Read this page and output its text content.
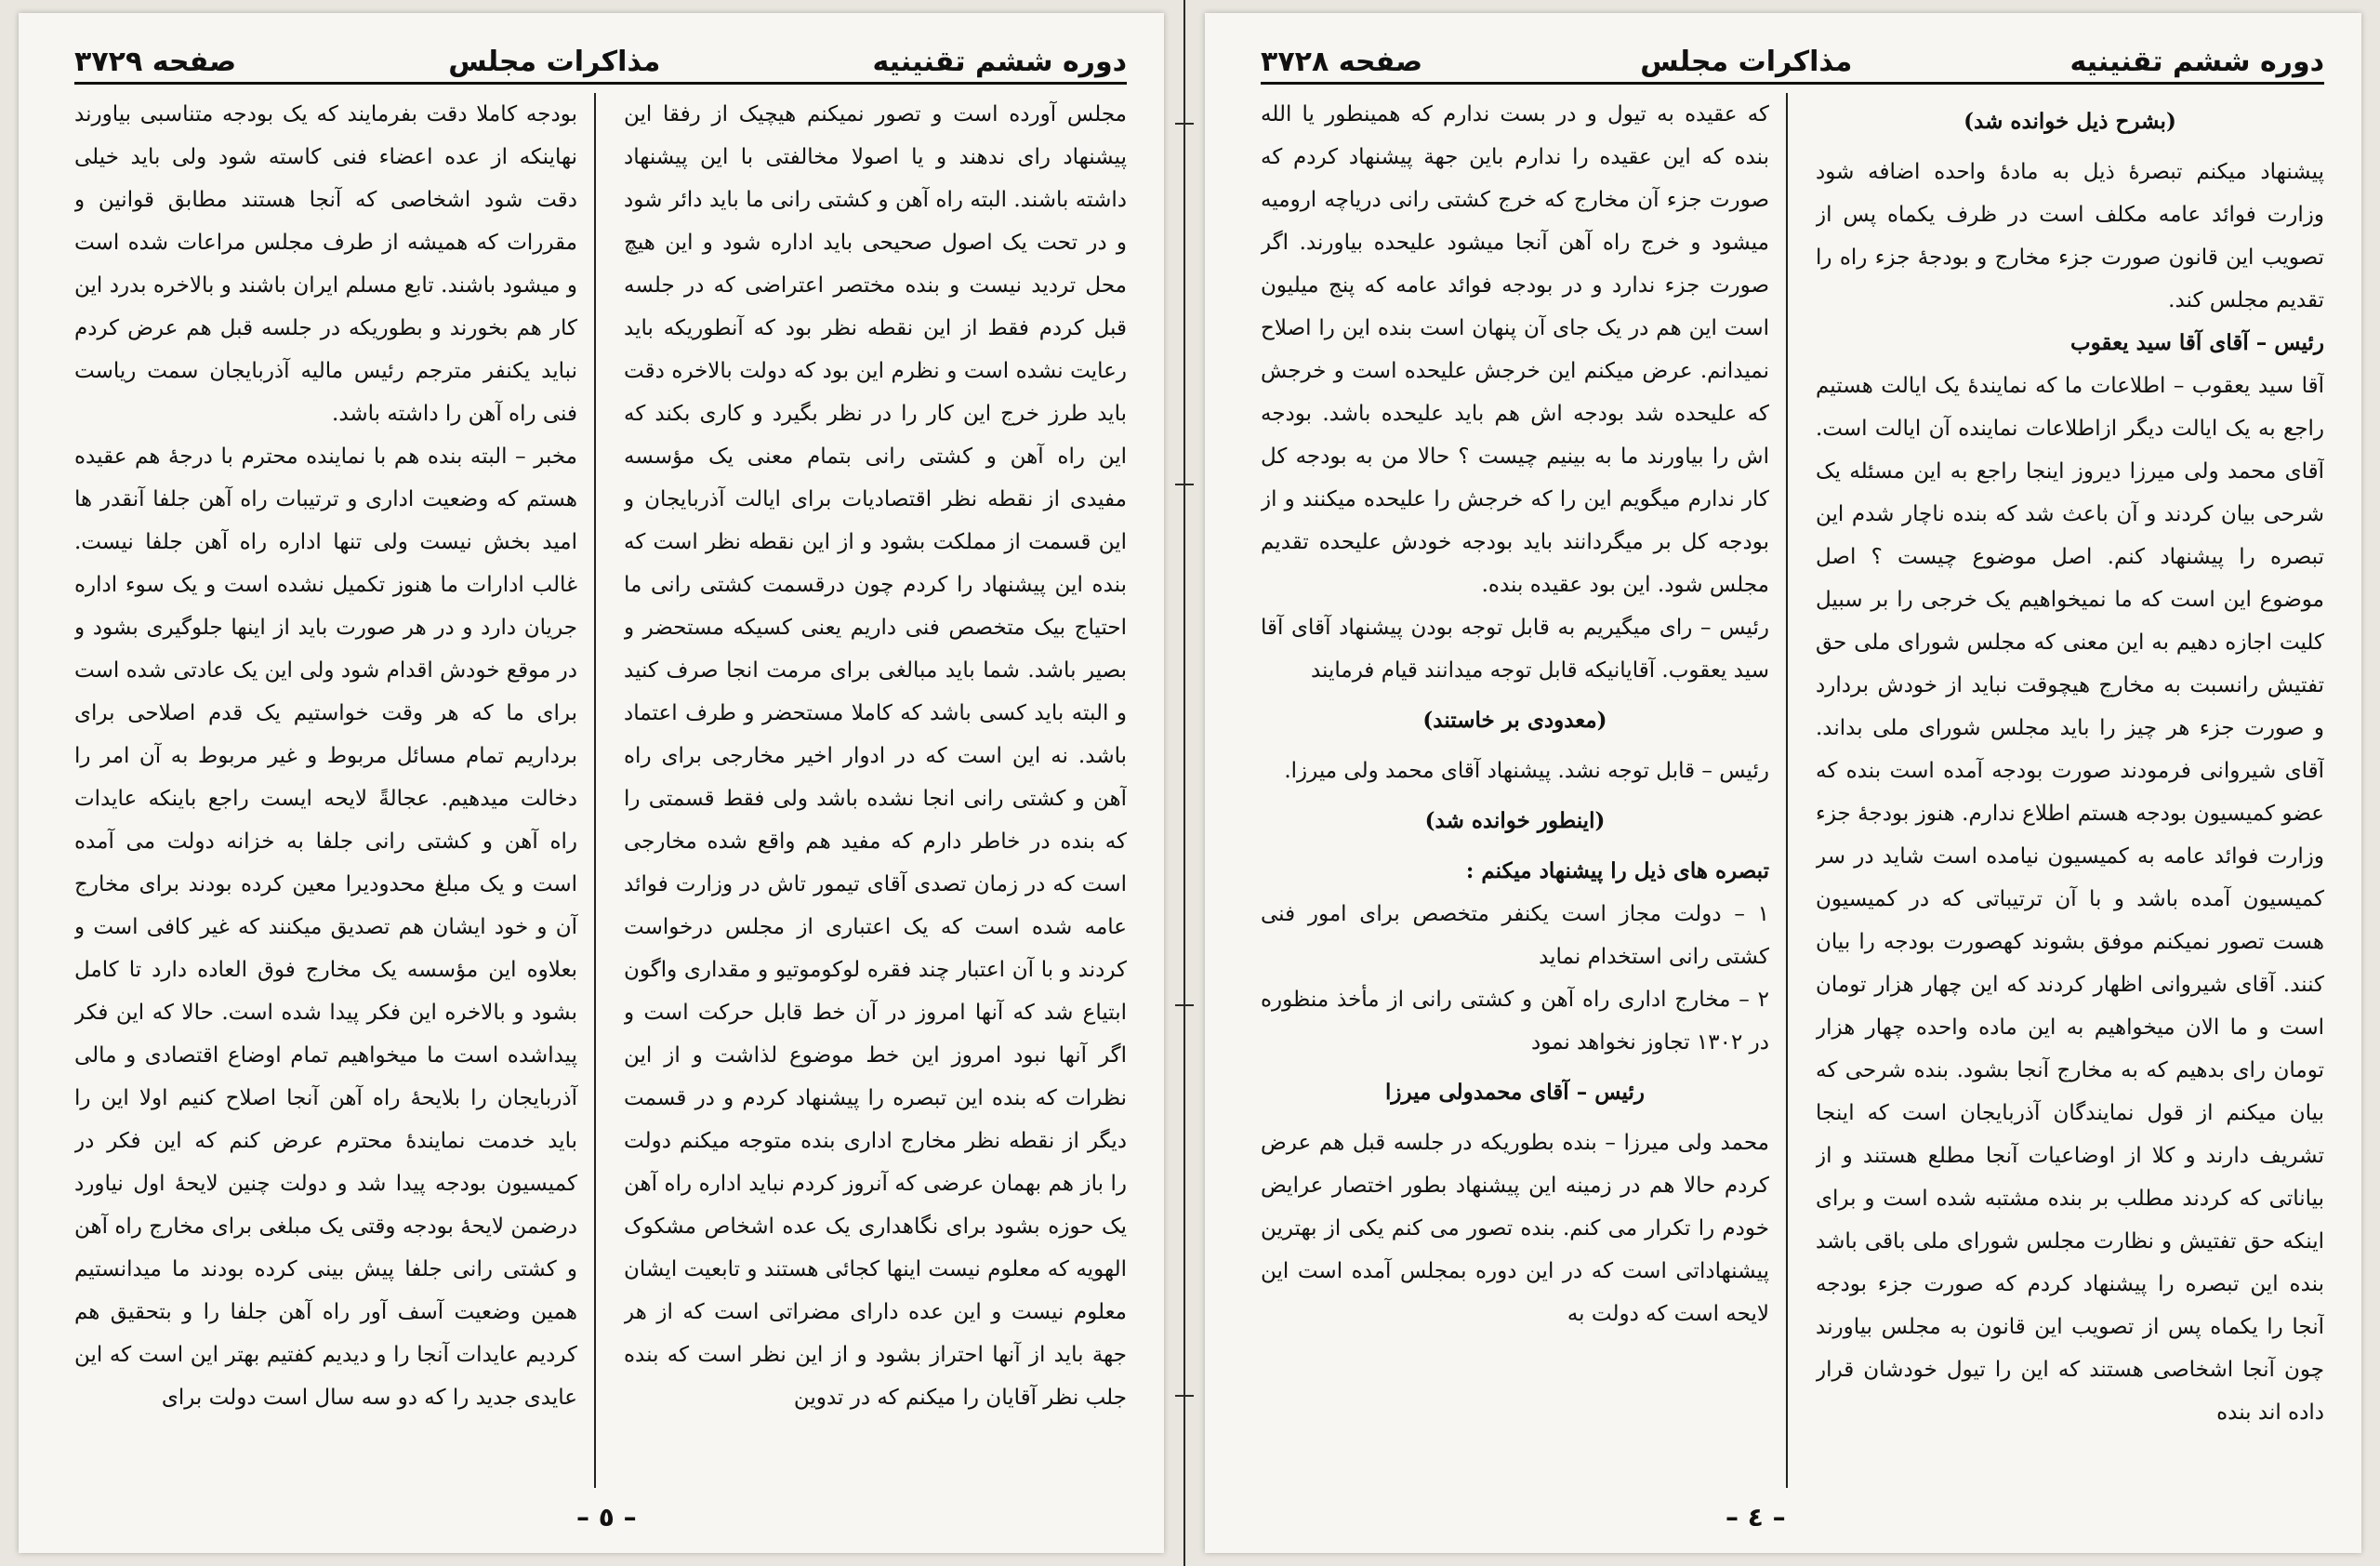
دوره ششم تقنینیه
مذاکرات مجلس
صفحه ۳۷۲۹

مجلس آورده است و تصور نمیکنم هیچیک از رفقا این پیشنهاد رای ندهند و یا اصولا مخالفتی با این پیشنهاد داشته باشند. البته راه آهن و کشتی رانی ما باید دائر شود و در تحت یک اصول صحیحی باید اداره شود و این هیچ محل تردید نیست و بنده مختصر اعتراضی که در جلسه قبل کردم فقط از این نقطه نظر بود که آنطوریکه باید رعایت نشده است و نظرم این بود که دولت بالاخره دقت باید طرز خرج این کار را در نظر بگیرد و کاری بکند که این راه آهن و کشتی رانی بتمام معنی یک مؤسسه مفیدی از نقطه نظر اقتصادیات برای ایالت آذربایجان و این قسمت از مملکت بشود و از این نقطه نظر است که بنده این پیشنهاد را کردم چون درقسمت کشتی رانی ما احتیاج بیک متخصص فنی داریم یعنی کسیکه مستحضر و بصیر باشد. شما باید مبالغی برای مرمت انجا صرف کنید و البته باید کسی باشد که کاملا مستحضر و طرف اعتماد باشد. نه این است که در ادوار اخیر مخارجی برای راه آهن و کشتی رانی انجا نشده باشد ولی فقط قسمتی را که بنده در خاطر دارم که مفید هم واقع شده مخارجی است که در زمان تصدی آقای تیمور تاش در وزارت فوائد عامه شده است که یک اعتباری از مجلس درخواست کردند و با آن اعتبار چند فقره لوکوموتیو و مقداری واگون ابتیاع شد که آنها امروز در آن خط قابل حرکت است و اگر آنها نبود امروز این خط موضوع لذاشت و از این نظرات که بنده این تبصره را پیشنهاد کردم و در قسمت دیگر از نقطه نظر مخارج اداری بنده متوجه میکنم دولت را باز هم بهمان عرضی که آنروز کردم نباید اداره راه آهن یک حوزه بشود برای نگاهداری یک عده اشخاص مشکوک الهویه که معلوم نیست اینها کجائی هستند و تابعیت ایشان معلوم نیست و این عده دارای مضراتی است که از هر جهة باید از آنها احتراز بشود و از این نظر است که بنده جلب نظر آقایان را میکنم که در تدوین

بودجه کاملا دقت بفرمایند که یک بودجه متناسبی بیاورند نهاینکه از عده اعضاء فنی کاسته شود ولی باید خیلی دقت شود اشخاصی که آنجا هستند مطابق قوانین و مقررات که همیشه از طرف مجلس مراعات شده است و میشود باشند. تابع مسلم ایران باشند و بالاخره بدرد این کار هم بخورند و بطوریکه در جلسه قبل هم عرض کردم نباید یکنفر مترجم رئیس مالیه آذربایجان سمت ریاست فنی راه آهن را داشته باشد.

مخبر – البته بنده هم با نماینده محترم با درجهٔ هم عقیده هستم که وضعیت اداری و ترتیبات راه آهن جلفا آنقدر ها امید بخش نیست ولی تنها اداره راه آهن جلفا نیست. غالب ادارات ما هنوز تکمیل نشده است و یک سوء اداره جریان دارد و در هر صورت باید از اینها جلوگیری بشود و در موقع خودش اقدام شود ولی این یک عادتی شده است برای ما که هر وقت خواستیم یک قدم اصلاحی برای برداریم تمام مسائل مربوط و غیر مربوط به آن امر را دخالت میدهیم. عجالةً لایحه ایست راجع باینکه عایدات راه آهن و کشتی رانی جلفا به خزانه دولت می آمده است و یک مبلغ محدودیرا معین کرده بودند برای مخارج آن و خود ایشان هم تصدیق میکنند که غیر کافی است و بعلاوه این مؤسسه یک مخارج فوق العاده دارد تا کامل بشود و بالاخره این فکر پیدا شده است. حالا که این فکر پیداشده است ما میخواهیم تمام اوضاع اقتصادی و مالی آذربایجان را بلایحهٔ راه آهن آنجا اصلاح کنیم اولا این را باید خدمت نمایندهٔ محترم عرض کنم که این فکر در کمیسیون بودجه پیدا شد و دولت چنین لایحهٔ اول نیاورد درضمن لایحهٔ بودجه وقتی یک مبلغی برای مخارج راه آهن و کشتی رانی جلفا پیش بینی کرده بودند ما میدانستیم همین وضعیت آسف آور راه آهن جلفا را و بتحقیق هم کردیم عایدات آنجا را و دیدیم کفتیم بهتر این است که این عایدی جدید را که دو سه سال است دولت برای

– ٥ –
دوره ششم تقنینیه
مذاکرات مجلس
صفحه ۳۷۲۸

(بشرح ذیل خوانده شد)

پیشنهاد میکنم تبصرهٔ ذیل به مادهٔ واحده اضافه شود وزارت فوائد عامه مکلف است در ظرف یکماه پس از تصویب این قانون صورت جزء مخارج و بودجهٔ جزء راه را تقدیم مجلس کند.

رئیس – آقای آقا سید یعقوب

آقا سید یعقوب – اطلاعات ما که نمایندهٔ یک ایالت هستیم راجع به یک ایالت دیگر ازاطلاعات نماینده آن ایالت است. آقای محمد ولی میرزا دیروز اینجا راجع به این مسئله یک شرحی بیان کردند و آن باعث شد که بنده ناچار شدم این تبصره را پیشنهاد کنم. اصل موضوع چیست ؟ اصل موضوع این است که ما نمیخواهیم یک خرجی را بر سبیل کلیت اجازه دهیم به این معنی که مجلس شورای ملی حق تفتیش رانسبت به مخارج هیچوقت نباید از خودش بردارد و صورت جزء هر چیز را باید مجلس شورای ملی بداند. آقای شیروانی فرمودند صورت بودجه آمده است بنده که عضو کمیسیون بودجه هستم اطلاع ندارم. هنوز بودجهٔ جزء وزارت فوائد عامه به کمیسیون نیامده است شاید در سر کمیسیون آمده باشد و با آن ترتیباتی که در کمیسیون هست تصور نمیکنم موفق بشوند کهصورت بودجه را بیان کنند. آقای شیروانی اظهار کردند که این چهار هزار تومان است و ما الان میخواهیم به این ماده واحده چهار هزار تومان رای بدهیم که به مخارج آنجا بشود. بنده شرحی که بیان میکنم از قول نمایندگان آذربایجان است که اینجا تشریف دارند و کلا از اوضاعیات آنجا مطلع هستند و از بیاناتی که کردند مطلب بر بنده مشتبه شده است و برای اینکه حق تفتیش و نظارت مجلس شورای ملی باقی باشد بنده این تبصره را پیشنهاد کردم که صورت جزء بودجه آنجا را یکماه پس از تصویب این قانون به مجلس بیاورند چون آنجا اشخاصی هستند که این را تیول خودشان قرار داده اند بنده

که عقیده به تیول و در بست ندارم که همینطور یا الله بنده که این عقیده را ندارم باین جهة پیشنهاد کردم که صورت جزء آن مخارج که خرج کشتی رانی دریاچه ارومیه میشود و خرج راه آهن آنجا میشود علیحده بیاورند. اگر صورت جزء ندارد و در بودجه فوائد عامه که پنج میلیون است این هم در یک جای آن پنهان است بنده این را اصلاح نمیدانم. عرض میکنم این خرجش علیحده است و خرجش که علیحده شد بودجه اش هم باید علیحده باشد. بودجه اش را بیاورند ما به بینیم چیست ؟ حالا من به بودجه کل کار ندارم میگویم این را که خرجش را علیحده میکنند و از بودجه کل بر میگردانند باید بودجه خودش علیحده تقدیم مجلس شود. این بود عقیده بنده.

رئیس – رای میگیریم به قابل توجه بودن پیشنهاد آقای آقا سید یعقوب. آقایانیکه قابل توجه میدانند قیام فرمایند

(معدودی بر خاستند)

رئیس – قابل توجه نشد. پیشنهاد آقای محمد ولی میرزا.

(اینطور خوانده شد)

تبصره های ذیل را پیشنهاد میکنم :

١ – دولت مجاز است یکنفر متخصص برای امور فنی کشتی رانی استخدام نماید

٢ – مخارج اداری راه آهن و کشتی رانی از مأخذ منظوره در ۱۳۰۲ تجاوز نخواهد نمود

رئیس – آقای محمدولی میرزا

محمد ولی میرزا – بنده بطوریکه در جلسه قبل هم عرض کردم حالا هم در زمینه این پیشنهاد بطور اختصار عرایض خودم را تکرار می کنم. بنده تصور می کنم یکی از بهترین پیشنهاداتی است که در این دوره بمجلس آمده است این لایحه است که دولت به

– ٤ –
